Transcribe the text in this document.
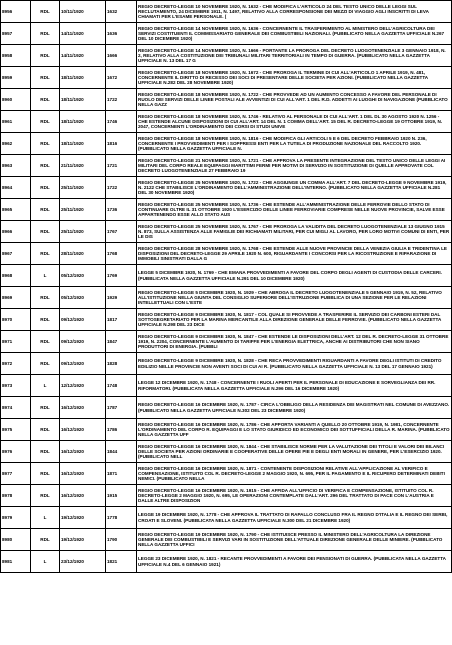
8956	RDL	10/11/1920	1632	REGIO DECRETO-LEGGE 10 NOVEMBRE 1920, N. 1632 - CHE MODIFICA L'ARTICOLO 24 DEL TESTO UNICO DELLE LEGGI SUL RECLUTAMENTO, 24 DICEMBRE 1911, N. 1497, RELATIVO ALLA CORRESPONSIONE DEI MEZZI DI VIAGGIO AGLI INSCRITTI DI LEVA CHIAMATI PER L'ESAME PERSONALE. (
8957	RDL	14/11/1920	1636	REGIO DECRETO-LEGGE 14 NOVEMBRE 1920, N. 1636 - CONCERNENTE IL TRASFERIMENTO AL MINISTERO DELL'AGRICOLTURA DEI SERVIZI COSTITUENTI IL COMMISSARIATO GENERALE DEI COMBUSTIBILI NAZIONALI. (PUBBLICATO NELLA GAZZETTA UFFICIALE N.267 DEL 10 DICEMBRE 1920)
8958	RDL	14/11/1920	1666	REGIO DECRETO-LEGGE 14 NOVEMBRE 1920, N. 1666 - PORTANTE LA PROROGA DEL DECRETO LUOGOTENENZIALE 3 GENNAIO 1918, N. 2, RELATIVO ALLA COSTITUZIONE DEI TRIBUNALI MILITARI TERRITORIALI IN TEMPO DI GUERRA. (PUBBLICATO NELLA GAZZETTA UFFICIALE N. 13 DEL 17 G
8959	RDL	18/11/1920	1672	REGIO DECRETO-LEGGE 18 NOVEMBRE 1920, N. 1672 - CHE PROROGA IL TERMINE DI CUI ALL'ARTICOLO 1 APRILE 1919, N. 481, CONCERNENTE IL DIRITTO DI RECESSO DEI SOCI DI PRESENTARE DELLE SOCIETA PER AZIONI. (PUBBLICATO NELLA GAZZETTA UFFICIALE N.282 DEL 28 NOVEMBRE 1920)
8960	RDL	18/11/1920	1722	REGIO DECRETO-LEGGE 18 NOVEMBRE 1920, N. 1722 - CHE PROVVEDE AD UN AUMENTO CONCESSO A FAVORE DEL PERSONALE DI RUOLO DEI SERVIZI DELLE LINEE POSTALI ALE AVVENTIZI DI CUI ALL'ART. 1 DEL R.D. ADDETTI AI LUOGHI DI NAVIGAZIONE (PUBBLICATO NELLA GAZZ
8961	RDL	18/11/1920	1746	REGIO DECRETO-LEGGE 18 NOVEMBRE 1920, N. 1746 - RELATIVO AL PERSONALE DI CUI ALL'ART. 1 DEL DL 30 AGOSTO 1920 N. 1256 - CHE ESTENDE ALCUNE DISPOSIZIONI DI CUI ALL'ART. 14 DEL N. 1 COMMA DELL'ART. 15 DEL R. DECRETO-LEGGE 19 OTTOBRE 1919, N. 2047, CONCERNENTI L'ORDINAMENTO DEI CORSI DI STUDI UNIVE
8962	RDL	18/11/1920	1816	REGIO DECRETO-LEGGE 18 NOVEMBRE 1920, N. 1816 - CHE MODIFICA GLI ARTICOLI 5 E 6 DEL DECRETO FEBBRAIO 1920 N. 236, CONCERNENTE I PROVVEDIMENTI PER I SOPPRESSI ENTI PER LA TUTELA DI PRODUZIONE NAZIONALE DEL RACCOLTO 1920. (PUBBLICATO NELLA GAZZETTA UFFICIALE N.
8963	RDL	21/11/1920	1721	REGIO DECRETO-LEGGE 21 NOVEMBRE 1920, N. 1721 - CHE APPROVA LA PRESENTE INTEGRAZIONE DEL TESTO UNICO DELLE LEGGI AI MILITARI DEL CORPO REALE EQUIPAGGI MARITTIMI FERMI PER MOTIVI DI SERVIZIO IN SOSTITUZIONE DI QUELLE APPROVATE COL DECRETO LUOGOTENENZIALE 27 FEBBRAIO 19
8964	RDL	25/11/1920	1722	REGIO DECRETO-LEGGE 25 NOVEMBRE 1920, N. 1722 - CHE AGGIUNGE UN COMMA ALL'ART. 7 DEL DECRETO-LEGGE 9 NOVEMBRE 1919, N. 2122 CHE STABILISCE L'ORDINAMENTO DELL'AMMINISTRAZIONE DELL'INTERNO. (PUBBLICATO NELLA GAZZETTA UFFICIALE N.281 DEL 30 NOVEMBRE 1920)
8965	RDL	25/11/1920	1736	REGIO DECRETO-LEGGE 25 NOVEMBRE 1920, N. 1736 - CHE ESTENDE ALL'AMMINISTRAZIONE DELLE FERROVIE DELLO STATO DI CONTINUARE OLTRE IL 31 OTTOBRE 1920 L'ESERCIZIO DELLE LINEE FERROVIARIE COMPRESE NELLE NUOVE PROVINCIE, SALVE ESSE APPARTENENDO ESSE ALLO STATO AUS
8966	RDL	25/11/1920	1767	REGIO DECRETO-LEGGE 25 NOVEMBRE 1920, N. 1767 - CHE PROROGA LA VALIDITA DEL DECRETO LUOGOTENENZIALE 13 GIUGNO 1915 N. 873, SULLA ASSISTENZA ALLE FAMIGLIE DEI RICHIAMATI MILITARI, PER CUI MIGLI AL LAVORO, PER LORO MOTIVI COMUNI DI ENTI, PER LE DIS
8967	RDL	28/11/1920	1768	REGIO DECRETO-LEGGE 28 NOVEMBRE 1920, N. 1768 - CHE ESTENDE ALLE NUOVE PROVINCIE DELLA VENEZIA GIULIA E TRIDENTINA LE DISPOSIZIONI DEL DECRETO-LEGGE 29 APRILE 1920 N. 600, RIGUARDANTE I CONCORSI PER LA RICOSTRUZIONE E RIPARAZIONE DI IMMOBILI SINISTRATI DALLA G
8968	L	05/12/1920	1769	LEGGE 5 DICEMBRE 1920, N. 1769 - CHE EMANA PROVVEDIMENTI A FAVORE DEL CORPO DEGLI AGENTI DI CUSTODIA DELLE CARCERI. (PUBBLICATA NELLA GAZZETTA UFFICIALE N.291 DEL 10 DICEMBRE 1920)
8969	RDL	05/12/1920	1929	REGIO DECRETO-LEGGE 5 DICEMBRE 1920, N. 1929 - CHE ABROGA IL DECRETO LUOGOTENENZIALE 5 GENNAIO 1919, N. 52, RELATIVO ALL'ISTITUZIONE NELLA GIUNTA DEL CONSIGLIO SUPERIORE DELL'ISTRUZIONE PUBBLICA DI UNA SEZIONE PER LE RELAZIONI INTELLETTUALI CON L'ESTE
8970	RDL	09/12/1920	1817	REGIO DECRETO-LEGGE 9 DICEMBRE 1920, N. 1817 - COL QUALE SI PROVVEDE A TRASFERIRE IL SERVIZIO DEI CARBONI ESTERI DAL SOTTOSEGRETARIATO PER LA MARINA MERCANTILE ALLA DIREZIONE GENERALE DELLE FERROVIE. (PUBBLICATO NELLA GAZZETTA UFFICIALE N.298 DEL 23 DICE
8971	RDL	09/12/1920	1847	REGIO DECRETO-LEGGE 9 DICEMBRE 1920, N. 1847 - CHE ESTENDE LE DISPOSIZIONI DELL'ART. 12 DEL R. DECRETO-LEGGE 31 OTTOBRE 1919, N. 2204, CONCERNENTE L'AUMENTO DI TARIFFE PER L'ENERGIA ELETTRICA, ANCHE AI DISTRIBUTORI CHE NON SIANO PRODUTTORI DI ENERGIA. (PUBBLI
8972	RDL	09/12/1920	1828	REGIO DECRETO-LEGGE 9 DICEMBRE 1920, N. 1828 - CHE RECA PROVVEDIMENTI RIGUARDANTI A FAVORE DEGLI ISTITUTI DI CREDITO EDILIZIO NELLE PROVINCIE NON AVENTI SOCI DI CUI AI R. (PUBBLICATO NELLA GAZZETTA UFFICIALE N. 13 DEL 17 GENNAIO 1921)
8973	L	12/12/1920	1748	LEGGE 12 DICEMBRE 1920, N. 1748 - CONCERNENTE I RUOLI APERTI PER IL PERSONALE DI EDUCAZIONE E SORVEGLIANZA DEI RR. RIFORMATORI. (PUBBLICATA NELLA GAZZETTA UFFICIALE N.296 DEL 16 DICEMBRE 1920)
8974	RDL	16/12/1920	1787	REGIO DECRETO-LEGGE 16 DICEMBRE 1920, N. 1787 - CIRCA L'OBBLIGO DELLA RESIDENZA DEI MAGISTRATI NEL COMUNE DI AVEZZANO. (PUBBLICATO NELLA GAZZETTA UFFICIALE N.302 DEL 23 DICEMBRE 1920)
8975	RDL	16/12/1920	1786	REGIO DECRETO-LEGGE 16 DICEMBRE 1920, N. 1786 - CHE APPORTA VARIANTI A QUELLO 20 OTTOBRE 1919, N. 1981, CONCERNENTE L'ORDINAMENTO DEL CORPO R. EQUIPAGGI E LO STATO GIURIDICO ED ECONOMICO DEI SOTTUFFICIALI DELLA R. MARINA. (PUBBLICATO NELLA GAZZETTA UFF
8976	RDL	16/12/1920	1844	REGIO DECRETO-LEGGE 16 DICEMBRE 1920, N. 1844 - CHE STABILISCE NORME PER LA VALUTAZIONE DEI TITOLI E VALORI DEI BILANCI DELLE SOCIETA PER AZIONI ORDINARIE E COOPERATIVE DELLE OPERE PIE E DEGLI ENTI MORALI IN GENERE, PER L'ESERCIZIO 1920. (PUBBLICATO NELL
8977	RDL	16/12/1920	1871	REGIO DECRETO-LEGGE 16 DICEMBRE 1920, N. 1871 - CONTENENTE DISPOSIZIONI RELATIVE ALL'APPLICAZIONE AL VERIFICO E COMPENSAZIONE, ISTITUITO COL R. DECRETO-LEGGE 2 MAGGIO 1920, N. 695, PER IL PAGAMENTO E IL RICUPERO DETERMINATI DEBITI NEMICI. (PUBBLICATO NELLA
8978	RDL	16/12/1920	1915	REGIO DECRETO-LEGGE 16 DICEMBRE 1920, N. 1915 - CHE AFFIDA ALL'UFFICIO DI VERIFICA E COMPENSAZIONE, ISTITUITO COL R. DECRETO-LEGGE 2 MAGGIO 1920, N. 695, LE OPERAZIONI CONTEMPLATE DALL'ART. 296 DEL TRATTATO DI PACE CON L'AUSTRIA E DALLE ALTRE DISPOSIZION
8979	L	19/12/1920	1778	LEGGE 19 DICEMBRE 1920, N. 1778 - CHE APPROVA IL TRATTATO DI RAPALLO CONCLUSO FRA IL REGNO D'ITALIA E IL REGNO DEI SERBI, CROATI E SLOVENI. (PUBBLICATA NELLA GAZZETTA UFFICIALE N.300 DEL 21 DICEMBRE 1920)
8980	RDL	19/12/1920	1790	REGIO DECRETO-LEGGE 19 DICEMBRE 1920, N. 1790 - CHE ISTITUISCE PRESSO IL MINISTERO DELL'AGRICOLTURA LA DIREZIONE GENERALE DEI COMBUSTIBILI E SERVIZI VARI IN SOSTITUZIONE DELL'ATTUALE DIREZIONE GENERALE DELLE MINIERE. (PUBBLICATO NELLA GAZZETTA UFFICI
8981	L	23/12/1920	1821	LEGGE 23 DICEMBRE 1920, N. 1821 - RECANTE PROVVEDIMENTI A FAVORE DEI PENSIONATI DI GUERRA. (PUBBLICATA NELLA GAZZETTA UFFICIALE N.4 DEL 6 GENNAIO 1921)
